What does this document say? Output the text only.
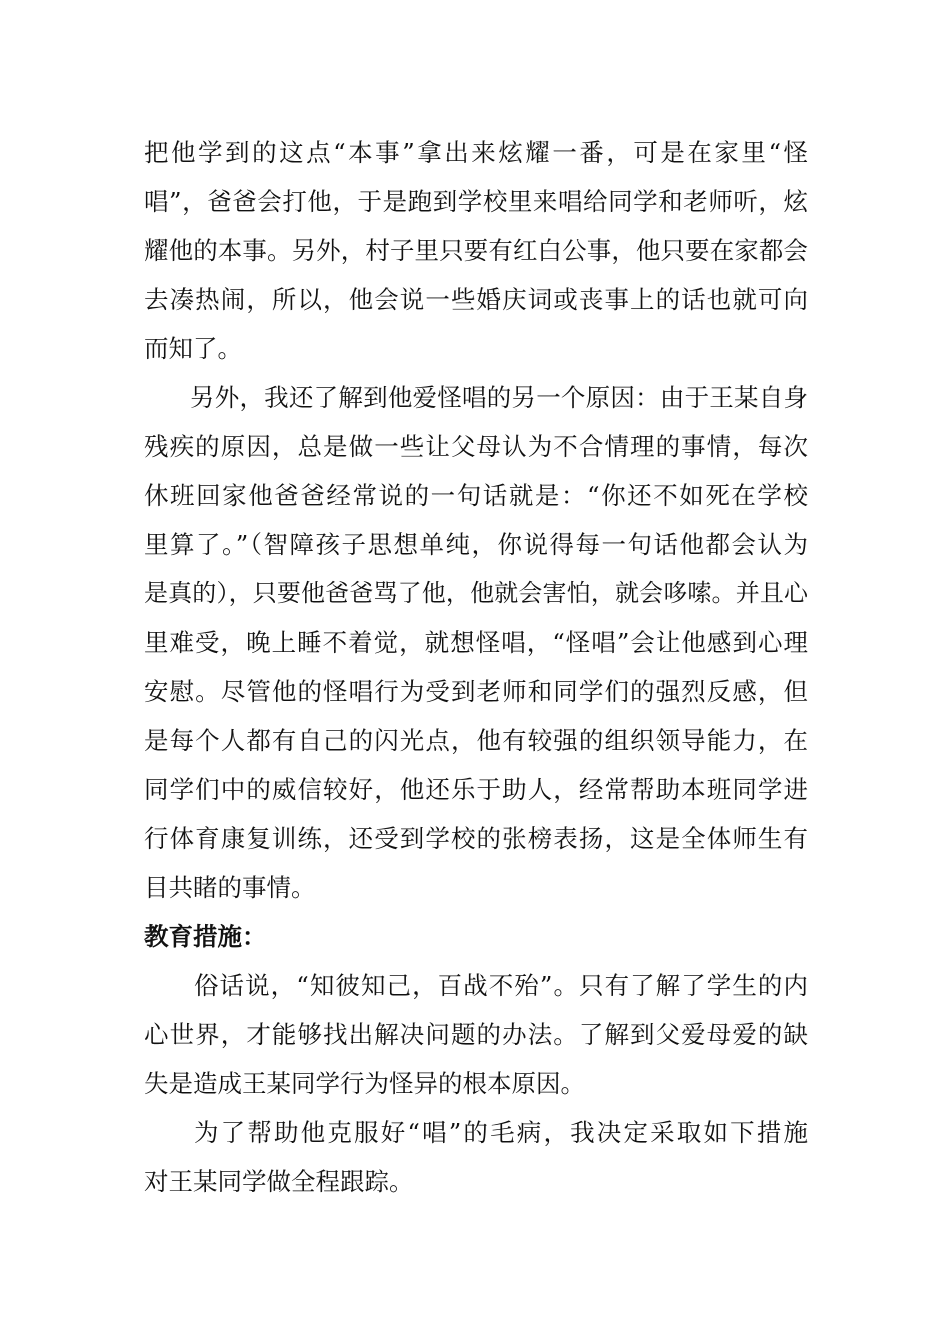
把他学到的这点“本事”拿出来炫耀一番，可是在家里“怪
唱”，爸爸会打他，于是跑到学校里来唱给同学和老师听，炫
耀他的本事。另外，村子里只要有红白公事，他只要在家都会
去凑热闹，所以，他会说一些婚庆词或丧事上的话也就可向
而知了。
另外，我还了解到他爱怪唱的另一个原因：由于王某自身
残疾的原因，总是做一些让父母认为不合情理的事情，每次
休班回家他爸爸经常说的一句话就是：“你还不如死在学校
里算了。”（智障孩子思想单纯，你说得每一句话他都会认为
是真的），只要他爸爸骂了他，他就会害怕，就会哆嗦。并且心
里难受，晚上睡不着觉，就想怪唱，“怪唱”会让他感到心理
安慰。尽管他的怪唱行为受到老师和同学们的强烈反感，但
是每个人都有自己的闪光点，他有较强的组织领导能力，在
同学们中的威信较好，他还乐于助人，经常帮助本班同学进
行体育康复训练，还受到学校的张榜表扬，这是全体师生有
目共睹的事情。
教育措施：
俗话说，“知彼知己，百战不殆”。只有了解了学生的内
心世界，才能够找出解决问题的办法。了解到父爱母爱的缺
失是造成王某同学行为怪异的根本原因。
为了帮助他克服好“唱”的毛病，我决定采取如下措施
对王某同学做全程跟踪。
